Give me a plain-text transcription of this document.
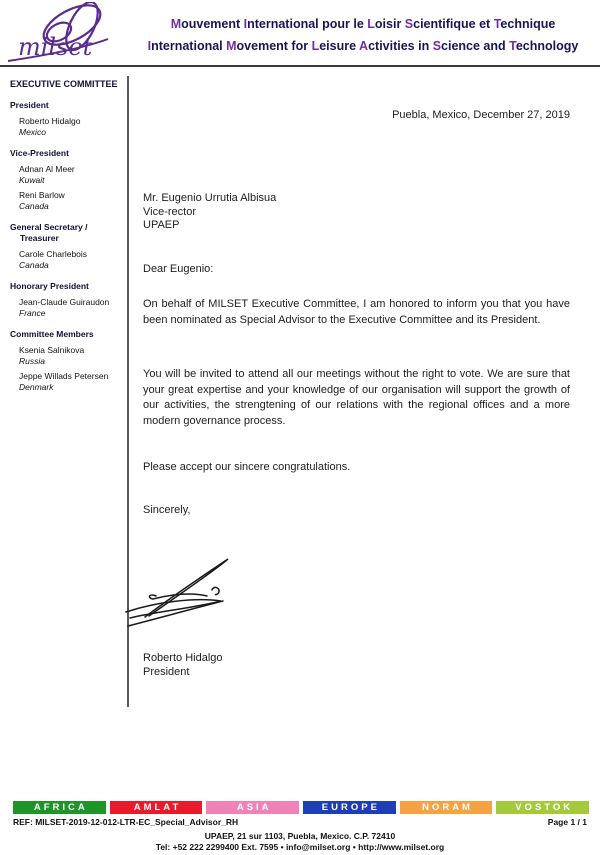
milset
Mouvement International pour le Loisir Scientifique et Technique
International Movement for Leisure Activities in Science and Technology
EXECUTIVE COMMITTEE
President
Roberto Hidalgo
Mexico
Vice-President
Adnan Al Meer
Kuwait
Reni Barlow
Canada
General Secretary / Treasurer
Carole Charlebois
Canada
Honorary President
Jean-Claude Guiraudon
France
Committee Members
Ksenia Salnikova
Russia
Jeppe Willads Petersen
Denmark
Puebla, Mexico, December 27, 2019
Mr. Eugenio Urrutia Albisua
Vice-rector
UPAEP
Dear Eugenio:
On behalf of MILSET Executive Committee, I am honored to inform you that you have been nominated as Special Advisor to the Executive Committee and its President.
You will be invited to attend all our meetings without the right to vote. We are sure that your great expertise and your knowledge of our organisation will support the growth of our activities, the strengtening of our relations with the regional offices and a more modern governance process.
Please accept our sincere congratulations.
Sincerely,
Roberto Hidalgo
President
AFRICA	AMLAT	ASIA	EUROPE	NORAM	VOSTOK
REF: MILSET-2019-12-012-LTR-EC_Special_Advisor_RH	Page 1 / 1
UPAEP, 21 sur 1103, Puebla, Mexico. C.P. 72410
Tel: +52 222 2299400 Ext. 7595 • info@milset.org • http://www.milset.org
